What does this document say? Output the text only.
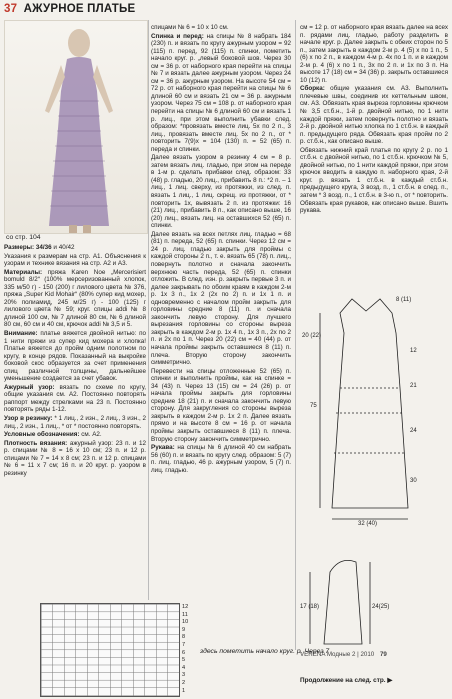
37 АЖУРНОЕ ПЛАТЬЕ
со стр. 104

Размеры: 34/36 и 40/42

Указания к размерам на стр. А1. Объяснения к узорам и технике вязания на стр. А2 и А3.

Материалы: пряжа Karen Noe „Mercerisiert bomuld 8/2“ (100% мерсеризованный хлопок, 335 м/50 г) - 150 (200) г лилового цвета № 376, пряжа „Super Kid Mohair“ (80% супер кид мохер, 20% полиамид, 245 м/25 г) - 100 (125) г лилового цвета № 59; круг. спицы addi № 8 длиной 100 см, № 7 длиной 80 см, № 6 длиной 80 см, 60 см и 40 см, крючок addi № 3,5 и 5.

Внимание: платье вяжется двойной нитью: по 1 нити пряжи из супер кид мохера и хлопка! Платье вяжется до пройм одним полотном по кругу, в конце рядов. Показанный на выкройке боковой скос образуется за счет применения спиц различной толщины, дальнейшее уменьшение создается за счет убавок.

Ажурный узор: вязать по схеме по кругу, общие указания см. А2. Постоянно повторять раппорт между стрелками на 23 п. Постоянно повторять ряды 1-12.

Узор в резинку: * 1 лиц., 2 изн., 2 лиц., 3 изн., 2 лиц., 2 изн., 1 лиц., * от * постоянно повторять.

Условные обозначения: см. А2.

Плотность вязания: ажурный узор: 23 п. и 12 р. спицами № 8 = 16 х 10 см; 23 п. и 12 р. спицами № 7 = 14 х 8 см; 23 п. и 12 р. спицами № 6 = 11 х 7 см; 16 п. и 20 круг. р. узором в резинку

спицами № 6 = 10 х 10 см.

Спинка и перед: на спицы № 8 набрать 184 (230) п. и вязать по кругу ажурным узором = 92 (115) п. перед, 92 (115) п. спинки, пометить начало круг. р. „левый боковой шов. Через 30 см = 36 р. от наборного края перейти на спицы № 7 и вязать далее ажурным узором. Через 24 см = 36 р. ажурным узором. На высоте 54 см = 72 р. от наборного края перейти на спицы № 6 длиной 60 см и вязать 21 см = 36 р. ажурным узором. Через 75 см = 108 р. от наборного края перейти на спицы № 6 длиной 60 см и вязать 1 р. лиц., при этом выполнить убавки след. образом: *провязать вместе лиц. 5х по 2 п., 3 лиц., провязать вместе лиц. 5х по 2 п., от * повторить 7(9)х = 104 (130) п. = 52 (65) п. переда и спинки.

Далее вязать узором в резинку 4 см = 8 р. затем вязать лиц. гладью, при этом на переде в 1-м р. сделать прибавки след. образом: 33 (48) р. гладью, 20 лиц., прибавить 8 п.: *2 п. – 1 лиц., 1 лиц. сверху, из протяжки, из след. п. вязать 1 лиц., 1 лиц. скрещ. из протяжки, от * повторить 1х, вывязать 2 п. из протяжки: 16 (21) лиц., прибавить 8 п., как описано выше, 16 (20) лиц., вязать лиц. на оставшихся 52 (65) п. спинки.

Далее вязать на всех петлях лиц. гладью = 68 (81) п. переда, 52 (65) п. спинки. Через 12 см = 24 р. лиц. гладью закрыть для проймы с каждой стороны 2 п., т. е. вязать 65 (78) п. лиц., повернуть полотно и сначала закончить верхнюю часть переда, 52 (65) п. спинки отложить. В след. изн. р. закрыть первые 3 п. и далее закрывать по обоим краям в каждом 2-м р. 1х 3 п., 1х 2 (2х по 2) п. и 1х 1 п. и одновременно с началом пройм закрыть для горловины средние 8 (11) п. и сначала закончить левую сторону. Для лучшего вырезания горловины со стороны выреза закрыть в каждом 2-м р. 1х 4 п., 1х 3 п., 2х по 2 п. и 2х по 1 п. Через 20 (22) см = 40 (44) р. от начала проймы закрыть оставшиеся 8 (11) п. плеча. Вторую сторону закончить симметрично.

Перевести на спицы отложенные 52 (65) п. спинки и выполнить проймы, как на спинке = 34 (43) п. Через 13 (15) см = 24 (26) р. от начала проймы закрыть для горловины средние 18 (21) п. и сначала закончить левую сторону. Для закругления со стороны выреза закрыть в каждом 2-м р. 1х 2 п. Далее вязать прямо и на высоте 8 см = 16 р. от начала проймы закрыть оставшиеся 8 (11) п. плеча. Вторую сторону закончить симметрично.

Рукава: на спицы № 6 длиной 40 см набрать 56 (60) п. и вязать по кругу след. образом: 5 (7) п. лиц. гладью, 46 р. ажурным узором, 5 (7) п. лиц. гладью.

см = 12 р. от наборного края вязать далее на всех п. рядами лиц. гладью, работу разделить в начале круг. р. Далее закрыть с обеих сторон по 5 п., затем закрыть в каждом 2-м р. 4 (5) х по 1 п., 5 (6) х по 2 п., в каждом 4-м р. 4х по 1 п. и в каждом 2-м р. 4 (6) х по 1 п., 3х по 2 п. и 1х по 3 п. На высоте 17 (18) см = 34 (36) р. закрыть оставшиеся 10 (12) п.

Сборка: общие указания см. А3. Выполнить плечевые швы, соединив их кеттельным швом, см. А3. Обвязать края выреза горловины крючком № 3,5 ст.б.н., 1-й р. двойной нитью, по 1 нити каждой пряжи, затем повернуть полотно и вязать 2-й р. двойной нитью хлопка по 1 ст.б.н. в каждый п. предыдущего ряда. Обвязать края пройм по 2 р. ст.б.н., как описано выше.

Обвязать нижний край платья по кругу 2 р. по 1 ст.б.н. с двойной нитью, по 1 ст.б.н. крючком № 5, двойной нитью, по 1 нити каждой пряжи, при этом крючок вводить в каждую п. наборного края, 2-й круг. р. вязать 1 ст.б.н. в каждый ст.б.н. предыдущего круга, 3 возд. п., 1 ст.б.н. в след. п., затем * 3 возд. п., 1 ст.б.н. в 3-ю п., от * повторить. Обвязать края рукавов, как описано выше. Вшить рукава.

12
11
10
9
8
7
6
5
4
3
2
1
75
21
24
30
12
20 (22)
8 (11)
32 (40)
17 (18)	24(25)
здесь пометить начало круг. р. Через 7
VERENA Модные 2 | 2010 79
Продолжение на след. стр. ▶
